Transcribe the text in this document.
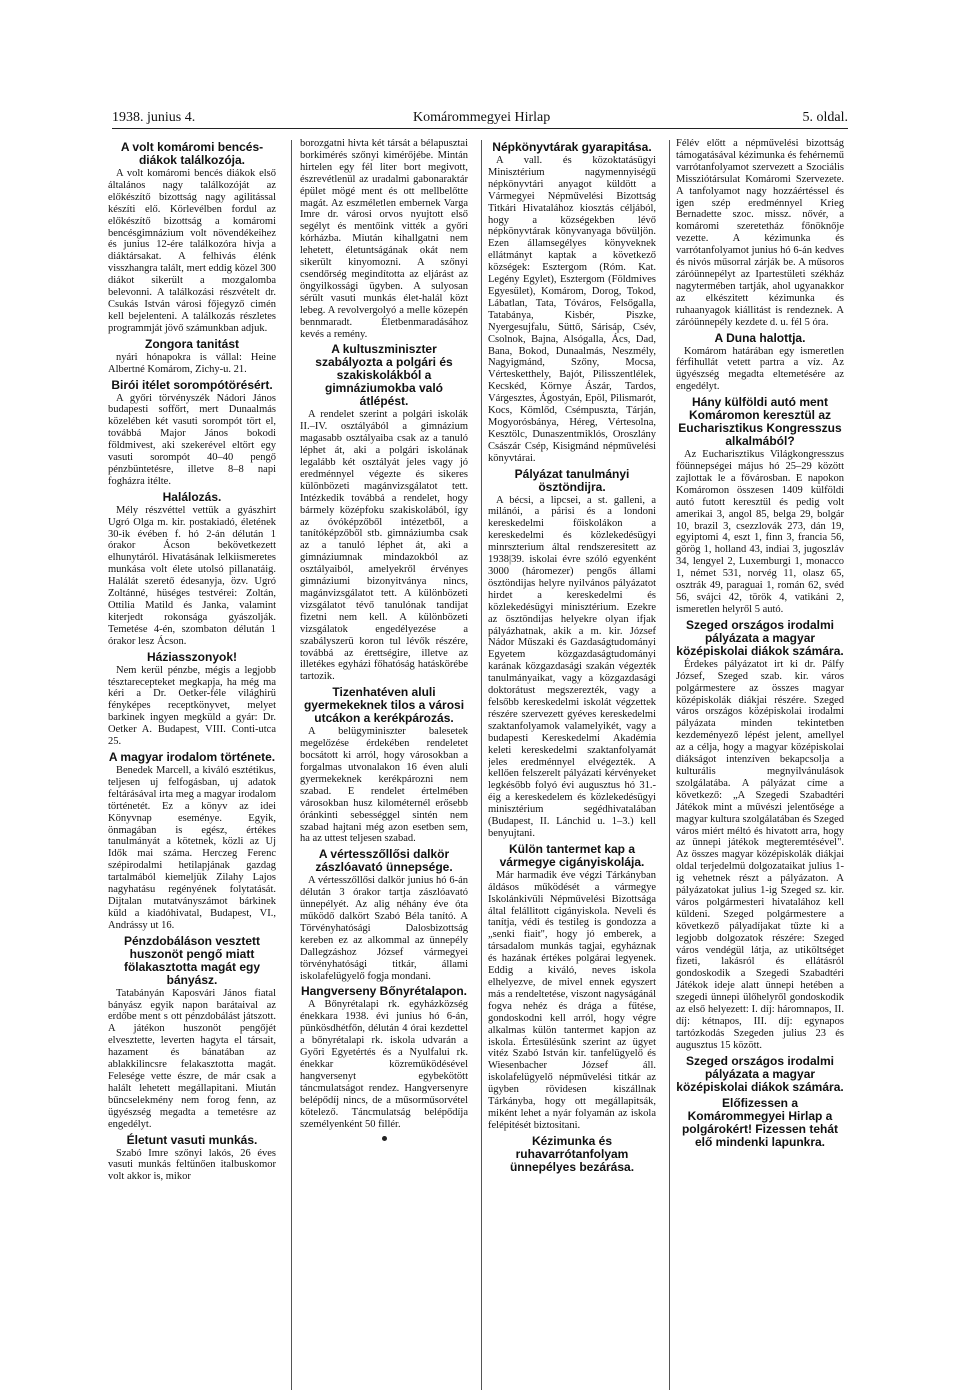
1938. junius 4.	Komárommegyei Hirlap	5. oldal.
A volt komáromi bencés-diákok találkozója.

A volt komáromi bencés diákok első általános nagy találkozóját az előkészítő bizottság nagy agilitással készíti elő. Körlevélben fordul az előkészítő bizottság a komáromi bencésgimnázium volt növendékeihez és junius 12-ére találkozóra hivja a diáktársakat. A felhivás élénk visszhangra talált, mert eddig közel 300 diákot sikerült a mozgalomba belevonni. A találkozási részvételt dr. Csukás István városi főjegyző cimén kell bejelenteni. A találkozás részletes programmját jövő számunkban adjuk.

Zongora tanitást

nyári hónapokra is vállal: Heine Albertné Komárom, Zichy-u. 21.

Birói itélet sorompótörésért.

A győri törvényszék Nádori János budapesti soffőrt, mert Dunaalmás közelében két vasuti sorompót tört el, továbbá Major János bokodi földmivest, aki szekerével eltört egy vasuti sorompót 40–40 pengő pénzbüntetésre, illetve 8–8 napi fogházra itélte.

Halálozás.

Mély részvéttel vettük a gyászhirt Ugró Olga m. kir. postakiadó, életének 30-ik évében f. hó 2-án délután 1 órakor Ácson bekövetkezett elhunytáról. Hivatásának lelkiismeretes munkása volt élete utolsó pillanatáig. Halálát szerető édesanyja, özv. Ugró Zoltánné, hüséges testvérei: Zoltán, Ottilia Matild és Janka, valamint kiterjedt rokonsága gyászolják. Temetése 4-én, szombaton délután 1 órakor lesz Ácson.

Háziasszonyok!

Nem kerül pénzbe, mégis a legjobb tésztarecepteket megkapja, ha még ma kéri a Dr. Oetker-féle világhirü fényképes receptkönyvet, melyet barkinek ingyen megküld a gyár: Dr. Oetker A. Budapest, VIII. Conti-utca 25.

A magyar irodalom története.

Benedek Marcell, a kiváló esztétikus, teljesen uj felfogásban, uj adatok feltárásával irta meg a magyar irodalom történetét. Ez a könyv az idei Könyvnap eseménye. Egyik, önmagában is egész, értékes tanulmányát a kötetnek, közli az Uj Idők mai száma. Herczeg Ferenc szépirodalmi hetilapjának gazdag tartalmából kiemeljük Zilahy Lajos nagyhatásu regényének folytatását. Dijtalan mutatványszámot bárkinek küld a kiadóhivatal, Budapest, VI., Andrássy ut 16.

Pénzdobáláson vesztett huszonöt pengő miatt fölakasztotta magát egy bányász.

Tatabányán Kaposvári János fiatal bányász egyik napon barátaival az erdőbe ment s ott pénzdobálást játszott. A játékon huszonöt pengőjét elvesztette, leverten hagyta el társait, hazament és bánatában az ablakkilincsre felakasztotta magát. Felesége vette észre, de már csak a halált lehetett megállapitani. Miután bűncselekmény nem forog fenn, az ügyészség megadta a temetésre az engedélyt.

Életunt vasuti munkás.

Szabó Imre szőnyi lakós, 26 éves vasuti munkás feltünően italbuskomor volt akkor is, mikor

borozgatni hivta két társát a bélapusztai borkimérés szőnyi kimérőjébe. Mintán hirtelen egy fél liter bort megivott, észrevétlenül az uradalmi gabonaraktár épület mögé ment és ott mellbelőtte magát. Az eszméletlen embernek Varga Imre dr. városi orvos nyujtott első segélyt és mentőink vitték a győri kórházba. Miután kihallgatni nem lehetett, életuntságának okát nem sikerült kinyomozni. A szőnyi csendőrség megindította az eljárást az öngyilkossági ügyben. A sulyosan sérült vasuti munkás élet-halál közt lebeg. A revolvergolyó a melle közepén bennmaradt. Életbenmaradásához kevés a remény.

A kultuszminiszter szabályozta a polgári és szakiskolákból a gimnáziumokba való átlépést.

A rendelet szerint a polgári iskolák II.–IV. osztályából a gimnázium magasabb osztályaiba csak az a tanuló léphet át, aki a polgári iskolának legalább két osztályát jeles vagy jó eredménnyel végezte és sikeres különbözeti magánvizsgálatot tett. Intézkedik továbbá a rendelet, hogy bármely középfoku szakiskolából, így az óvóképzőből intézetből, a tanítóképzőből stb. gimnáziumba csak az a tanuló léphet át, aki a gimnáziumnak mindazokból az osztályaiból, amelyekről érvényes gimnáziumi bizonyitványa nincs, magánvizsgálatot tett. A különbözeti vizsgálatot tévő tanulónak tandijat fizetni nem kell. A különbözeti vizsgálatok engedélyezése a szabályszerü koron tul lévők részére, továbbá az érettségire, illetve az illetékes egyházi főhatóság hatáskörébe tartozik.

Tizenhatéven aluli gyermekeknek tilos a városi utcákon a kerékpározás.

A belügyminiszter balesetek megelőzése érdekében rendeletet bocsátott ki arról, hogy városokban a forgalmas utvonalakon 16 éven aluli gyermekeknek kerékpározni nem szabad. E rendelet értelmében városokban husz kilométernél erősebb óránkinti sebességgel sintén nem szabad hajtani még azon esetben sem, ha az uttest teljesen szabad.

A vértesszőllősi dalkör zászlóavató ünnepsége.

A vértesszőllősi dalkör junius hó 6-án délután 3 órakor tartja zászlóavató ünnepélyét. Az alig néhány éve óta működő dalkört Szabó Béla tanító. A Törvényhatósági Dalosbizottság kereben ez az alkommal az ünnepély Dallegzáshoz József vármegyei törvényhatósági titkár, állami iskolafelügyelő fogja mondani.

Hangverseny Bőnyrétalapon.

A Bőnyrétalapi rk. egyházközség énekkara 1938. évi junius hó 6-án, pünkösdhétfőn, délután 4 órai kezdettel a bőnyrétalapi rk. iskola udvarán a Győri Egyetértés és a Nyulfalui rk. énekkar közreműködésével hangversenyt egybekötött táncmulatságot rendez. Hangversenyre belépődíj nincs, de a műsorműsorvétel kötelező. Táncmulatság belépődíja személyenként 50 fillér.

Népkönyvtárak gyarapitása.

A vall. és közoktatásügyi Minisztérium nagymennyiségű népkönyvtári anyagot küldött a Vármegyei Népművelési Bizottság Titkári Hivatalához kiosztás céljából, hogy a községekben lévő népkönyvtárak könyvanyaga bővüljön. Ezen államsegélyes könyveknek ellátmányt kaptak a következő községek: Esztergom (Róm. Kat. Legény Egylet), Esztergom (Földmives Egyesület), Komárom, Dorog, Tokod, Lábatlan, Tata, Tóváros, Felsőgalla, Tatabánya, Kisbér, Piszke, Nyergesujfalu, Süttő, Sárisáp, Csév, Csolnok, Bajna, Alsógalla, Ács, Dad, Bana, Bokod, Dunaalmás, Neszmély, Nagyigmánd, Szőny, Mocsa, Vértesketthely, Bajót, Pilisszentlélek, Kecskéd, Környe Ászár, Tardos, Várgesztes, Ágostyán, Epöl, Pilismarót, Kocs, Kömlőd, Csémpuszta, Tárján, Mogyorósbánya, Héreg, Vértesolna, Kesztölc, Dunaszentmiklós, Oroszlány Császár Csép, Kisigmánd népművelési könyvtárai.

Pályázat tanulmányi ösztöndijra.

A bécsi, a lipcsei, a st. galleni, a milánói, a párisi és a londoni kereskedelmi főiskolákon a kereskedelmi és közlekedésügyi minrszterium által rendszeresitett az 1938|39. iskolai évre szóló egyenként 3000 (háromezer) pengős állami ösztöndijas helyre nyilvános pályázatot hirdet a kereskedelmi és közlekedésügyi minisztérium. Ezekre az ösztöndijas helyekre olyan ifjak pályázhatnak, akik a m. kir. József Nádor Műszaki és Gazdaságtudományi Egyetem közgazdaságtudományi karának közgazdasági szakán végezték tanulmányaikat, vagy a közgazdasági doktorátust megszerezték, vagy a felsőbb kereskedelmi iskolát végzettek részére szervezett gyéves kereskedelmi szaktanfolyamok valamelyikét, vagy a budapesti Kereskedelmi Akadémia keleti kereskedelmi szaktanfolyamát jeles eredménnyel elvégezték. A kellően felszerelt pályázati kérvényeket legkésőbb folyó évi augusztus hó 31.-éig a kereskedelem és közlekedésügyi minisztérium segédhivatalában (Budapest, II. Lánchid u. 1–3.) kell benyujtani.

Külön tantermet kap a vármegye cigányiskolája.

Már harmadik éve végzi Tárkányban áldásos működését a vármegye Iskolánkivüli Népművelési Bizottsága által felállitott cigányiskola. Neveli és tanítja, védi és testileg is gondozza a „senki fiait", hogy jó emberek, a társadalom munkás tagjai, egyháznak és hazának értékes polgárai legyenek. Eddig a kiváló, neves iskola elhelyezve, de mivel ennek egyszert más a rendeltetése, viszont nagyságánál fogva nehéz és drága a fűtése, gondoskodni kell arról, hogy végre alkalmas külön tantermet kapjon az iskola. Értesülésünk szerint az ügyet vitéz Szabó István kir. tanfelügyelő és Wiesenbacher József áll. iskolafelügyelő népművelési titkár az ügyben rövidesen kiszállnak Tárkányba, hogy ott megállapitsák, miként lehet a nyár folyamán az iskola felépitését biztositani.

Kézimunka és ruhavarrótanfolyam ünnepélyes bezárása.

Félév előtt a népművelési bizottság támogatásával kézimunka és fehérnemű varrótanfolyamot szervezett a Szociális Missziótársulat Komáromi Szervezete. A tanfolyamot nagy hozzáértéssel és igen szép eredménnyel Krieg Bernadette szoc. missz. nővér, a komáromi szeretetház főnöknője vezette. A kézimunka és varrótanfolyamot junius hó 6-án kedves és nivós műsorral zárják be. A műsoros záróünnepélyt az Ipartestületi székház nagytermében tartják, ahol ugyanakkor az elkészitett kézimunka és ruhaanyagok kiállitást is rendeznek. A záróünnepély kezdete d. u. fél 5 óra.

A Duna halottja.

Komárom határában egy ismeretlen férfihullát vetett partra a víz. Az ügyészség megadta eltemetésére az engedélyt.

Hány külföldi autó ment Komáromon keresztül az Eucharisztikus Kongresszus alkalmából?

Az Eucharisztikus Világkongresszus főünnepségei május hó 25–29 között zajlottak le a fővárosban. E napokon Komáromon összesen 1409 külföldi autó futott keresztül és pedig volt amerikai 3, angol 85, belga 29, bolgár 10, brazil 3, csezzlovák 273, dán 19, egyiptomi 4, eszt 1, finn 3, francia 56, görög 1, holland 43, indiai 3, jugoszláv 34, lengyel 2, Luxemburgi 1, monacco 1, német 531, norvég 11, olasz 65, osztrák 49, paraguai 1, román 62, svéd 56, svájci 42, török 4, vatikáni 2, ismeretlen helyről 5 autó.

Szeged országos irodalmi pályázata a magyar középiskolai diákok számára.

Érdekes pályázatot irt ki dr. Pálfy József, Szeged szab. kir. város polgármestere az összes magyar középiskolák diákjai részére. Szeged város országos középiskolai irodalmi pályázata minden tekintetben kezdeményező lépést jelent, amellyel az a célja, hogy a magyar középiskolai diákságot intenzíven bekapcsolja a kulturális megnyilvánulások szolgálatába. A pályázat címe a következő: „A Szegedi Szabadtéri Játékok mint a művészi jelentősége a magyar kultura szolgálatában és Szeged város miért méltó és hivatott arra, hogy az ünnepi játékok megteremtésével". Az összes magyar középiskolák diákjai oldal terjedelmü dolgozataikat julius 1-ig vehetnek részt a pályázaton. A pályázatokat julius 1-ig Szeged sz. kir. város polgármesteri hivatalához kell küldeni. Szeged polgármestere a következő pályadíjakat tűzte ki a legjobb dolgozatok részére: Szeged város vendégül látja, az utiköltséget fizeti, lakásról és ellátásról gondoskodik a Szegedi Szabadtéri Játékok ideje alatt ünnepi hetében a szegedi ünnepi ülőhelyről gondoskodik az első helyezett: I. díj: háromnapos, II. díj: kétnapos, III. díj: egynapos tartózkodás Szegeden julius 23 és augusztus 15 között.

Szeged országos irodalmi pályázata a magyar középiskolai diákok számára.
Előfizessen a Komárommegyei Hirlap a polgárokért! Fizessen tehát elő mindenki lapunkra.
